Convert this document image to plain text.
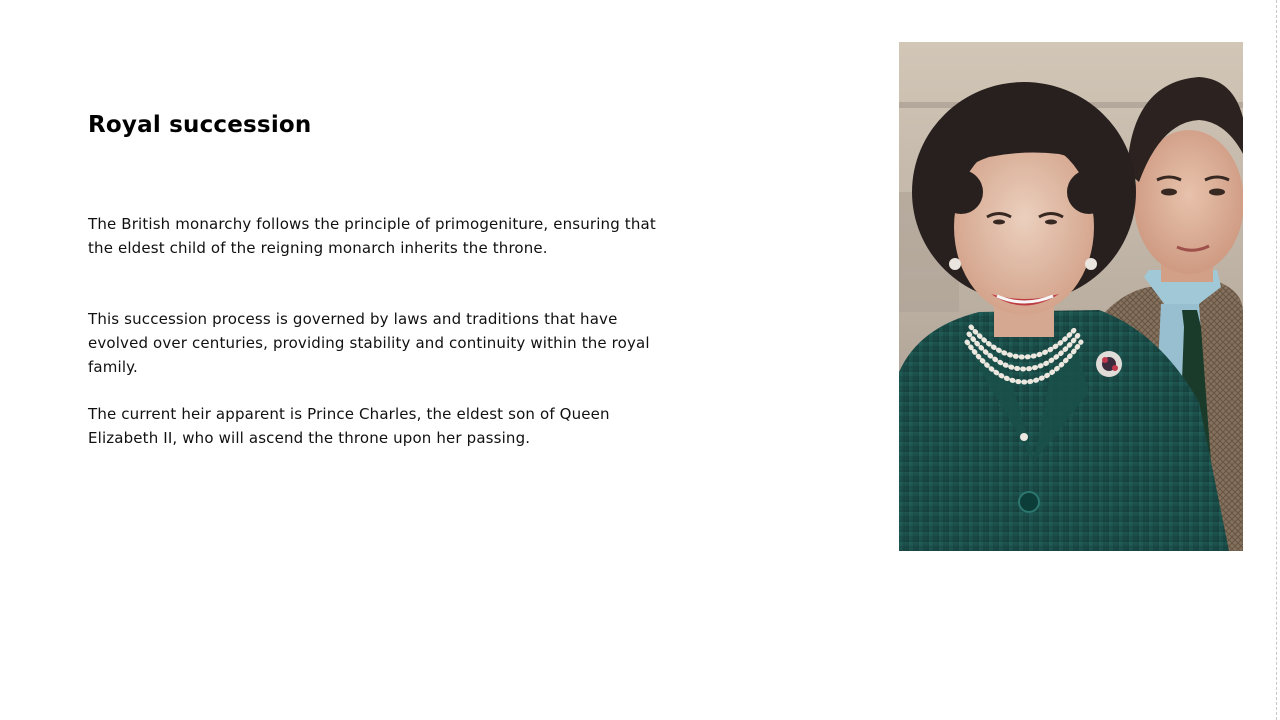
Royal succession

The British monarchy follows the principle of primogeniture, ensuring that the eldest child of the reigning monarch inherits the throne.

This succession process is governed by laws and traditions that have evolved over centuries, providing stability and continuity within the royal family.

The current heir apparent is Prince Charles, the eldest son of Queen Elizabeth II, who will ascend the throne upon her passing.
